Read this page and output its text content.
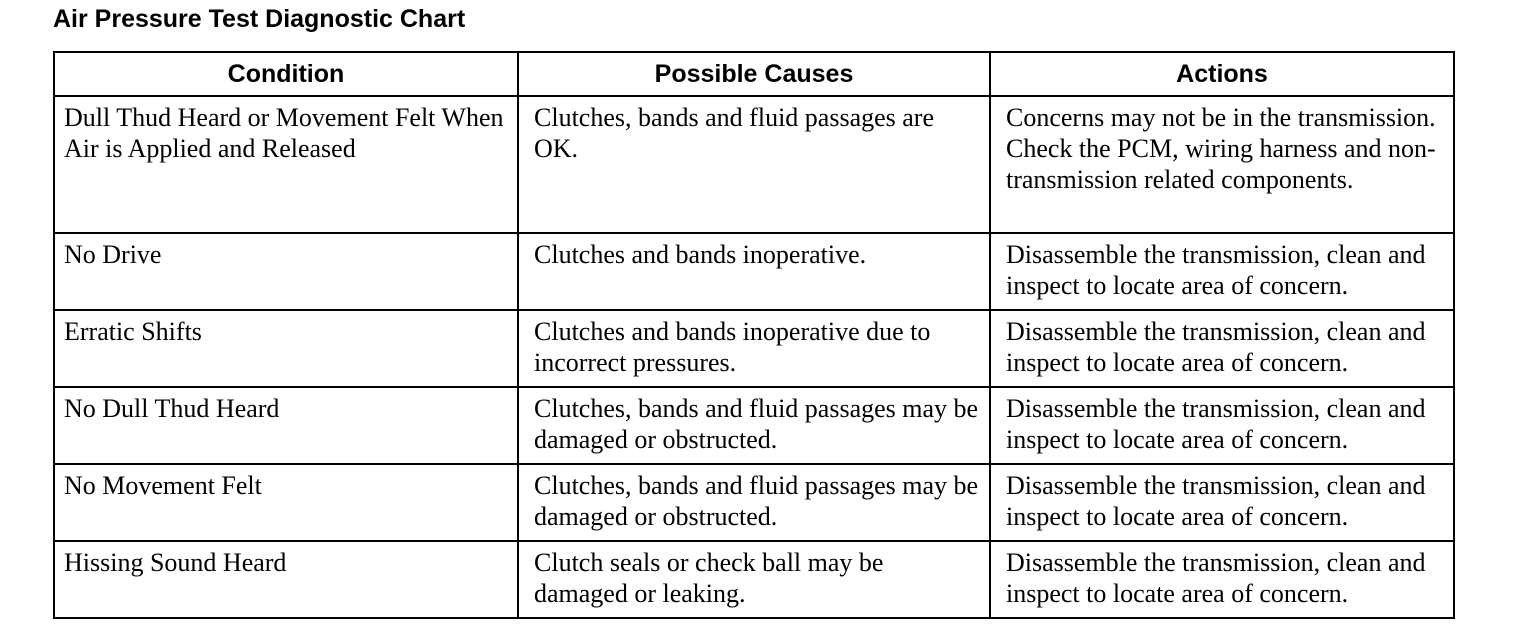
Air Pressure Test Diagnostic Chart
Condition	Possible Causes	Actions
Dull Thud Heard or Movement Felt When Air is Applied and Released	Clutches, bands and fluid passages are OK.	Concerns may not be in the transmission. Check the PCM, wiring harness and non-transmission related components.
No Drive	Clutches and bands inoperative.	Disassemble the transmission, clean and inspect to locate area of concern.
Erratic Shifts	Clutches and bands inoperative due to incorrect pressures.	Disassemble the transmission, clean and inspect to locate area of concern.
No Dull Thud Heard	Clutches, bands and fluid passages may be damaged or obstructed.	Disassemble the transmission, clean and inspect to locate area of concern.
No Movement Felt	Clutches, bands and fluid passages may be damaged or obstructed.	Disassemble the transmission, clean and inspect to locate area of concern.
Hissing Sound Heard	Clutch seals or check ball may be damaged or leaking.	Disassemble the transmission, clean and inspect to locate area of concern.
